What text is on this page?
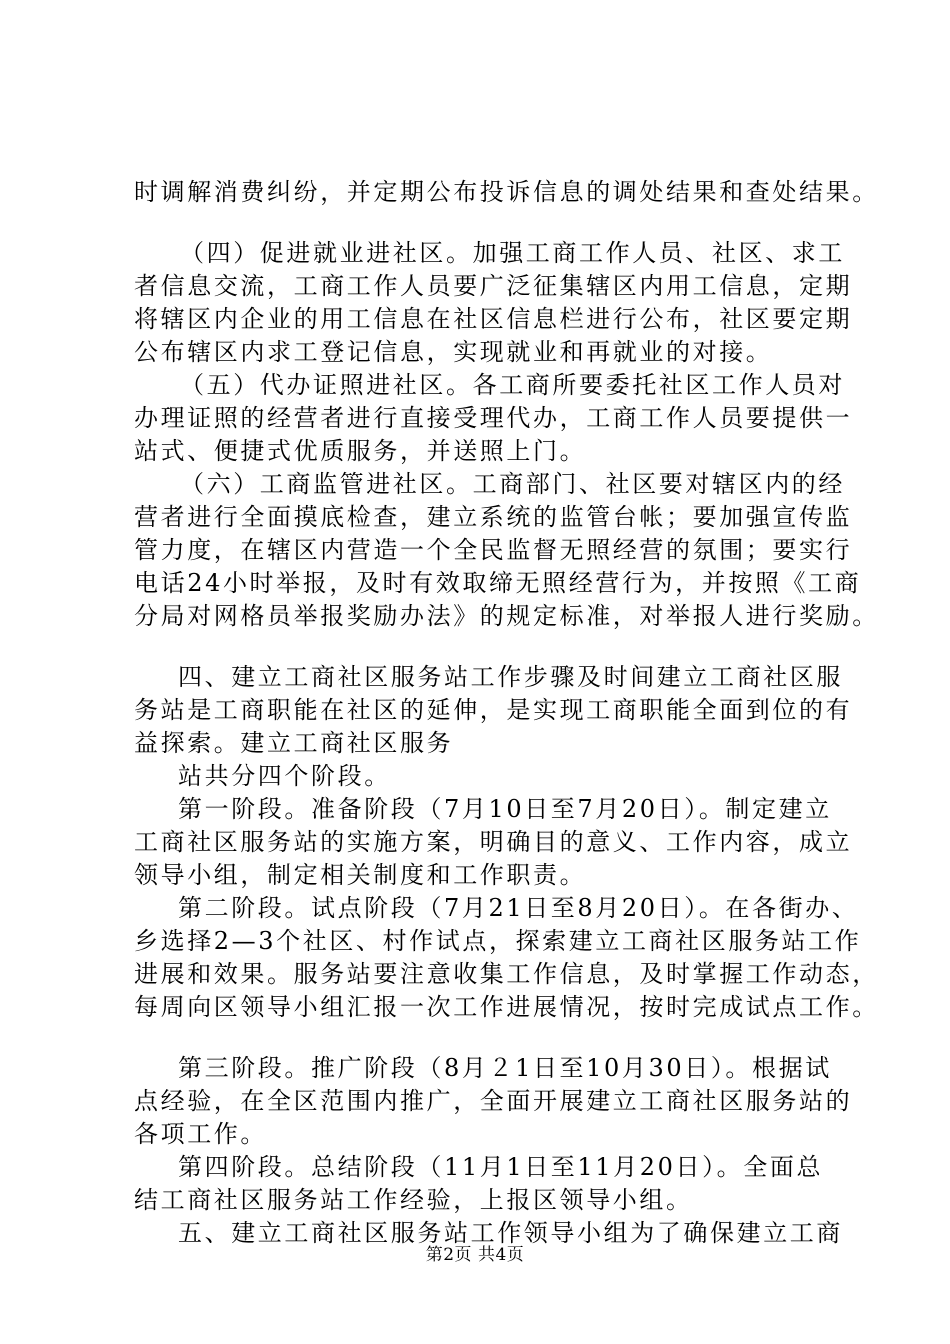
时调解消费纠纷，并定期公布投诉信息的调处结果和查处结果。
（四）促进就业进社区。加强工商工作人员、社区、求工
者信息交流，工商工作人员要广泛征集辖区内用工信息，定期
将辖区内企业的用工信息在社区信息栏进行公布，社区要定期
公布辖区内求工登记信息，实现就业和再就业的对接。
（五）代办证照进社区。各工商所要委托社区工作人员对
办理证照的经营者进行直接受理代办，工商工作人员要提供一
站式、便捷式优质服务，并送照上门。
（六）工商监管进社区。工商部门、社区要对辖区内的经
营者进行全面摸底检查，建立系统的监管台帐；要加强宣传监
管力度，在辖区内营造一个全民监督无照经营的氛围；要实行
电话24小时举报，及时有效取缔无照经营行为，并按照《工商
分局对网格员举报奖励办法》的规定标准，对举报人进行奖励。
四、建立工商社区服务站工作步骤及时间建立工商社区服
务站是工商职能在社区的延伸，是实现工商职能全面到位的有
益探索。建立工商社区服务
站共分四个阶段。
第一阶段。准备阶段（7月10日至7月20日）。制定建立
工商社区服务站的实施方案，明确目的意义、工作内容，成立
领导小组，制定相关制度和工作职责。
第二阶段。试点阶段（7月21日至8月20日）。在各街办、
乡选择2—3个社区、村作试点，探索建立工商社区服务站工作
进展和效果。服务站要注意收集工作信息，及时掌握工作动态，
每周向区领导小组汇报一次工作进展情况，按时完成试点工作。
第三阶段。推广阶段（8月２1日至10月30日）。根据试
点经验，在全区范围内推广，全面开展建立工商社区服务站的
各项工作。
第四阶段。总结阶段（11月1日至11月20日）。全面总
结工商社区服务站工作经验，上报区领导小组。
五、建立工商社区服务站工作领导小组为了确保建立工商
第2页 共4页
